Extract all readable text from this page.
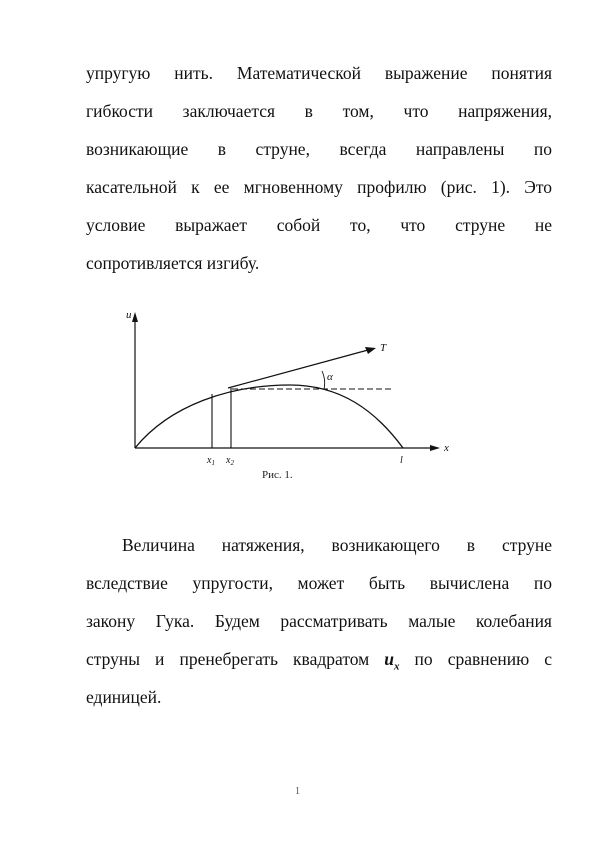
упругую нить. Математической выражение понятия
гибкости заключается в том, что напряжения,
возникающие в струне, всегда направлены по
касательной к ее мгновенному профилю (рис. 1). Это
условие выражает собой то, что струне не
сопротивляется изгибу.
u
T
α
x
$x_1$ $x_2$	l
Рис. 1.
Величина натяжения, возникающего в струне
вследствие упругости, может быть вычислена по
закону Гука. Будем рассматривать малые колебания
струны и пренебрегать квадратом $u_x$ по сравнению с
единицей.
1
